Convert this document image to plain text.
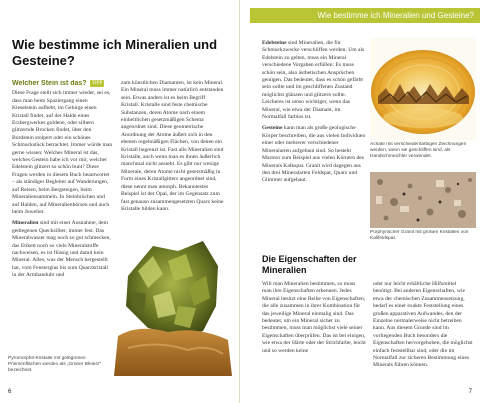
Wie bestimme ich Mineralien und Gesteine?
Welcher Stein ist das? TIPP

Diese Frage stellt sich immer wieder, sei es, dass man beim Spaziergang einen Kieselstein aufhebt, im Gebirge einen Kristall findet, auf der Halde eines Erzbergwerkes goldene, oder silbern glitzernde Brocken findet, über den Bordstein stolpert oder ein schönes Schmuckstück betrachtet. Immer würde man gerne wissen: Welches Mineral ist das, welches Gestein habe ich vor mir, welcher Edelstein glitzert so schön bunt? Diese Fragen werden in diesem Buch beantwortet – als ständiger Begleiter auf Wanderungen, auf Reisen, beim Bergsteigen, beim Mineraliensammeln. In Steinbrüchen und auf Halden, auf Mineralienbörsen und auch beim Juwelier.

Mineralien sind mit einer Ausnahme, dem gediegenen Quecksilber, immer fest. Das Mineralwasser mag noch so gut schmecken, das Etikett noch so viele Mineralstoffe nachweisen, es ist flüssig und damit kein Mineral. Alles, was der Mensch hergestellt hat, vom Fensterglas bis zum Quarzkristall in der Armbanduhr und

zum künstlichen Diamanten, ist kein Mineral. Ein Mineral muss immer natürlich entstanden sein. Etwas anders ist es beim Begriff Kristall. Kristalle sind feste chemische Substanzen, deren Atome nach einem einheitlichen gesetzmäßigen Schema angeordnet sind. Diese geometrische Anordnung der Atome äußert sich in den ebenen regelmäßigen Flächen, von denen ein Kristall begrenzt ist. Fast alle Mineralien sind Kristalle, auch wenn man es ihnen äußerlich manchmal nicht ansieht. Es gibt nur wenige Minerale, deren Atome nicht gesetzmäßig in Form eines Kristallgitters angeordnet sind, diese nennt man amorph. Bekanntestes Beispiel ist der Opal, der im Gegensatz zum fast genauso zusammengesetzten Quarz keine Kristalle bilden kann.

Pyromorphit-Kristalle mit gelbgrünen Prismenflächen werden als „Grüner Bleierz" bezeichnet.
6
Wie bestimme ich Mineralien und Gesteine?

Edelsteine sind Mineralien, die für Schmuckzwecke verschliffen werden. Um als Edelstein zu gelten, muss ein Mineral verschiedene Vorgaben erfüllen: Es muss schön sein, also ästhetischen Ansprüchen genügen. Das bedeutet, dass es schön gefärbt sein sollte und im geschliffenen Zustand möglichst glänzen und glitzern sollte. Leicheres ist umso wichtiger, wenn das Mineral, wie etwa der Diamant, im Normalfall farblos ist.

Gesteine kann man als große geologische Körper beschreiben, die aus vielen Individuen einer oder mehrerer verschiedener Mineralarten aufgebaut sind. So besteht Marmor zum Beispiel aus vielen Körnern des Minerals Kalkspat. Granit wird dagegen aus den drei Mineralarten Feldspat, Quarz und Glimmer aufgebaut.

Die Eigenschaften der Mineralien

Will man Mineralien bestimmen, so muss man ihre Eigenschaften erkennen. Jedes Mineral besitzt eine Reihe von Eigenschaften, die alle zusammen in ihrer Kombination für das jeweilige Mineral einmalig sind. Das bedeutet, um ein Mineral sicher zu bestimmen, muss man möglichst viele seiner Eigenschaften überprüfen. Das ist bei einigen, wie etwa der Härte oder der Strichfarbe, leicht und so werden keine

Achate mit verschiedenfarbigen Zeichnungen werden, wenn sie geschliffen sind, als Handschmeichler verwendet.
Porphyrischer Granit mit großen Kristallen von Kalifeldspat.

oder nur leicht erhältliche Hilfsmittel benötigt. Bei anderen Eigenschaften, wie etwa der chemischen Zusammensetzung, bedarf es einer exakte Feststellung eines großen apparativen Aufwandes, den der Einzelne normalerweise nicht betreiben kann. Aus diesem Grunde sind im vorliegenden Buch besonders die Eigenschaften hervorgehoben, die möglichst einfach feststellbar sind, oder die im Normalfall zur sicheren Bestimmung eines Minerals führen können.

7
